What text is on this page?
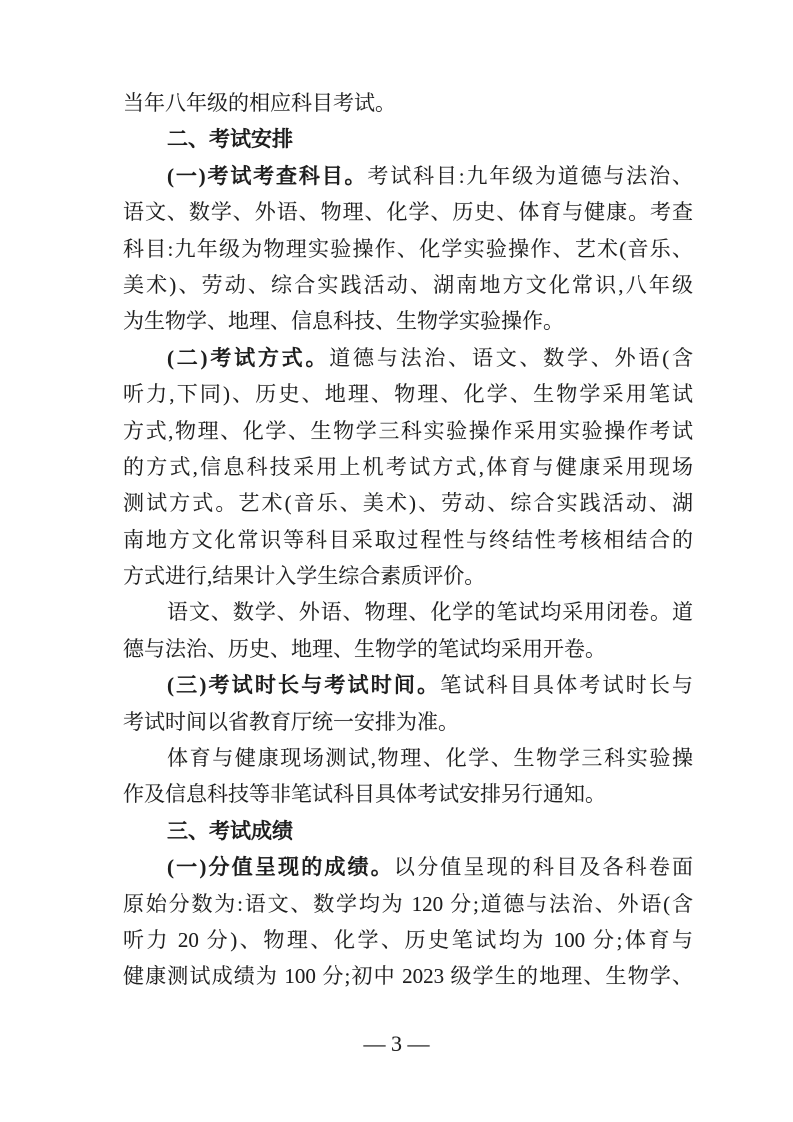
当年八年级的相应科目考试。
二、考试安排
(一)考试考查科目。考试科目:九年级为道德与法治、
语文、数学、外语、物理、化学、历史、体育与健康。考查
科目:九年级为物理实验操作、化学实验操作、艺术(音乐、
美术)、劳动、综合实践活动、湖南地方文化常识,八年级
为生物学、地理、信息科技、生物学实验操作。
(二)考试方式。道德与法治、语文、数学、外语(含
听力,下同)、历史、地理、物理、化学、生物学采用笔试
方式,物理、化学、生物学三科实验操作采用实验操作考试
的方式,信息科技采用上机考试方式,体育与健康采用现场
测试方式。艺术(音乐、美术)、劳动、综合实践活动、湖
南地方文化常识等科目采取过程性与终结性考核相结合的
方式进行,结果计入学生综合素质评价。
语文、数学、外语、物理、化学的笔试均采用闭卷。道
德与法治、历史、地理、生物学的笔试均采用开卷。
(三)考试时长与考试时间。笔试科目具体考试时长与
考试时间以省教育厅统一安排为准。
体育与健康现场测试,物理、化学、生物学三科实验操
作及信息科技等非笔试科目具体考试安排另行通知。
三、考试成绩
(一)分值呈现的成绩。以分值呈现的科目及各科卷面
原始分数为:语文、数学均为 120 分;道德与法治、外语(含
听力 20 分)、物理、化学、历史笔试均为 100 分;体育与
健康测试成绩为 100 分;初中 2023 级学生的地理、生物学、
— 3 —
